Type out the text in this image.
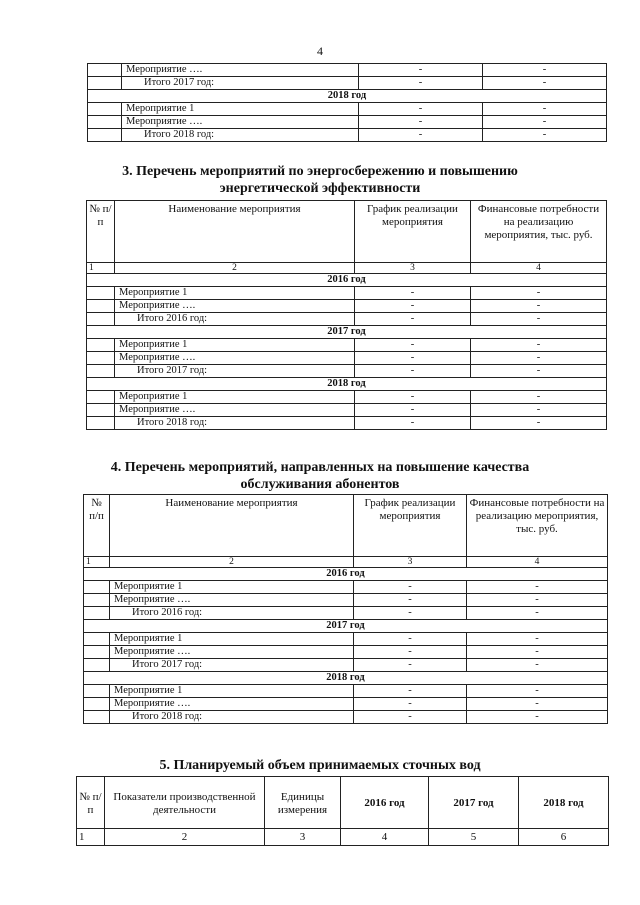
4
	Мероприятие ….	-	-
	Итого 2017 год:	-	-
2018 год			
	Мероприятие 1	-	-
	Мероприятие ….	-	-
	Итого 2018 год:	-	-
3. Перечень мероприятий по энергосбережению и повышению
энергетической эффективности
№ п/п	Наименование мероприятия	График реализации мероприятия	Финансовые потребности на реализацию мероприятия, тыс. руб.
1	2	3	4
2016 год			
	Мероприятие 1	-	-
	Мероприятие ….	-	-
	Итого 2016 год:	-	-
2017 год			
	Мероприятие 1	-	-
	Мероприятие ….	-	-
	Итого 2017 год:	-	-
2018 год			
	Мероприятие 1	-	-
	Мероприятие ….	-	-
	Итого 2018 год:	-	-
4. Перечень мероприятий, направленных на повышение качества
обслуживания абонентов
№ п/п	Наименование мероприятия	График реализации мероприятия	Финансовые потребности на реализацию мероприятия, тыс. руб.
1	2	3	4
2016 год			
	Мероприятие 1	-	-
	Мероприятие ….	-	-
	Итого 2016 год:	-	-
2017 год			
	Мероприятие 1	-	-
	Мероприятие ….	-	-
	Итого 2017 год:	-	-
2018 год			
	Мероприятие 1	-	-
	Мероприятие ….	-	-
	Итого 2018 год:	-	-
5. Планируемый объем принимаемых сточных вод
№ п/п	Показатели производственной деятельности	Единицы измерения	2016 год	2017 год	2018 год
1	2	3	4	5	6
